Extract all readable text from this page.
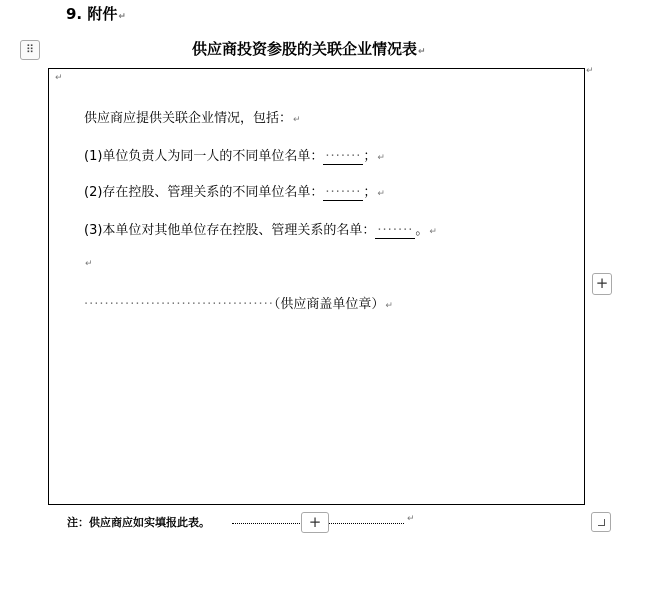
9. 附件↵
⠿	供应商投资参股的关联企业情况表↵
↵
↵
供应商应提供关联企业情况，包括：↵
(1)单位负责人为同一人的不同单位名单： ······· ；↵
(2)存在控股、管理关系的不同单位名单： ······· ；↵
(3)本单位对其他单位存在控股、管理关系的名单： ······· 。↵
↵
·····································（供应商盖单位章）↵
+
注：供应商应如实填报此表。	↵
+
